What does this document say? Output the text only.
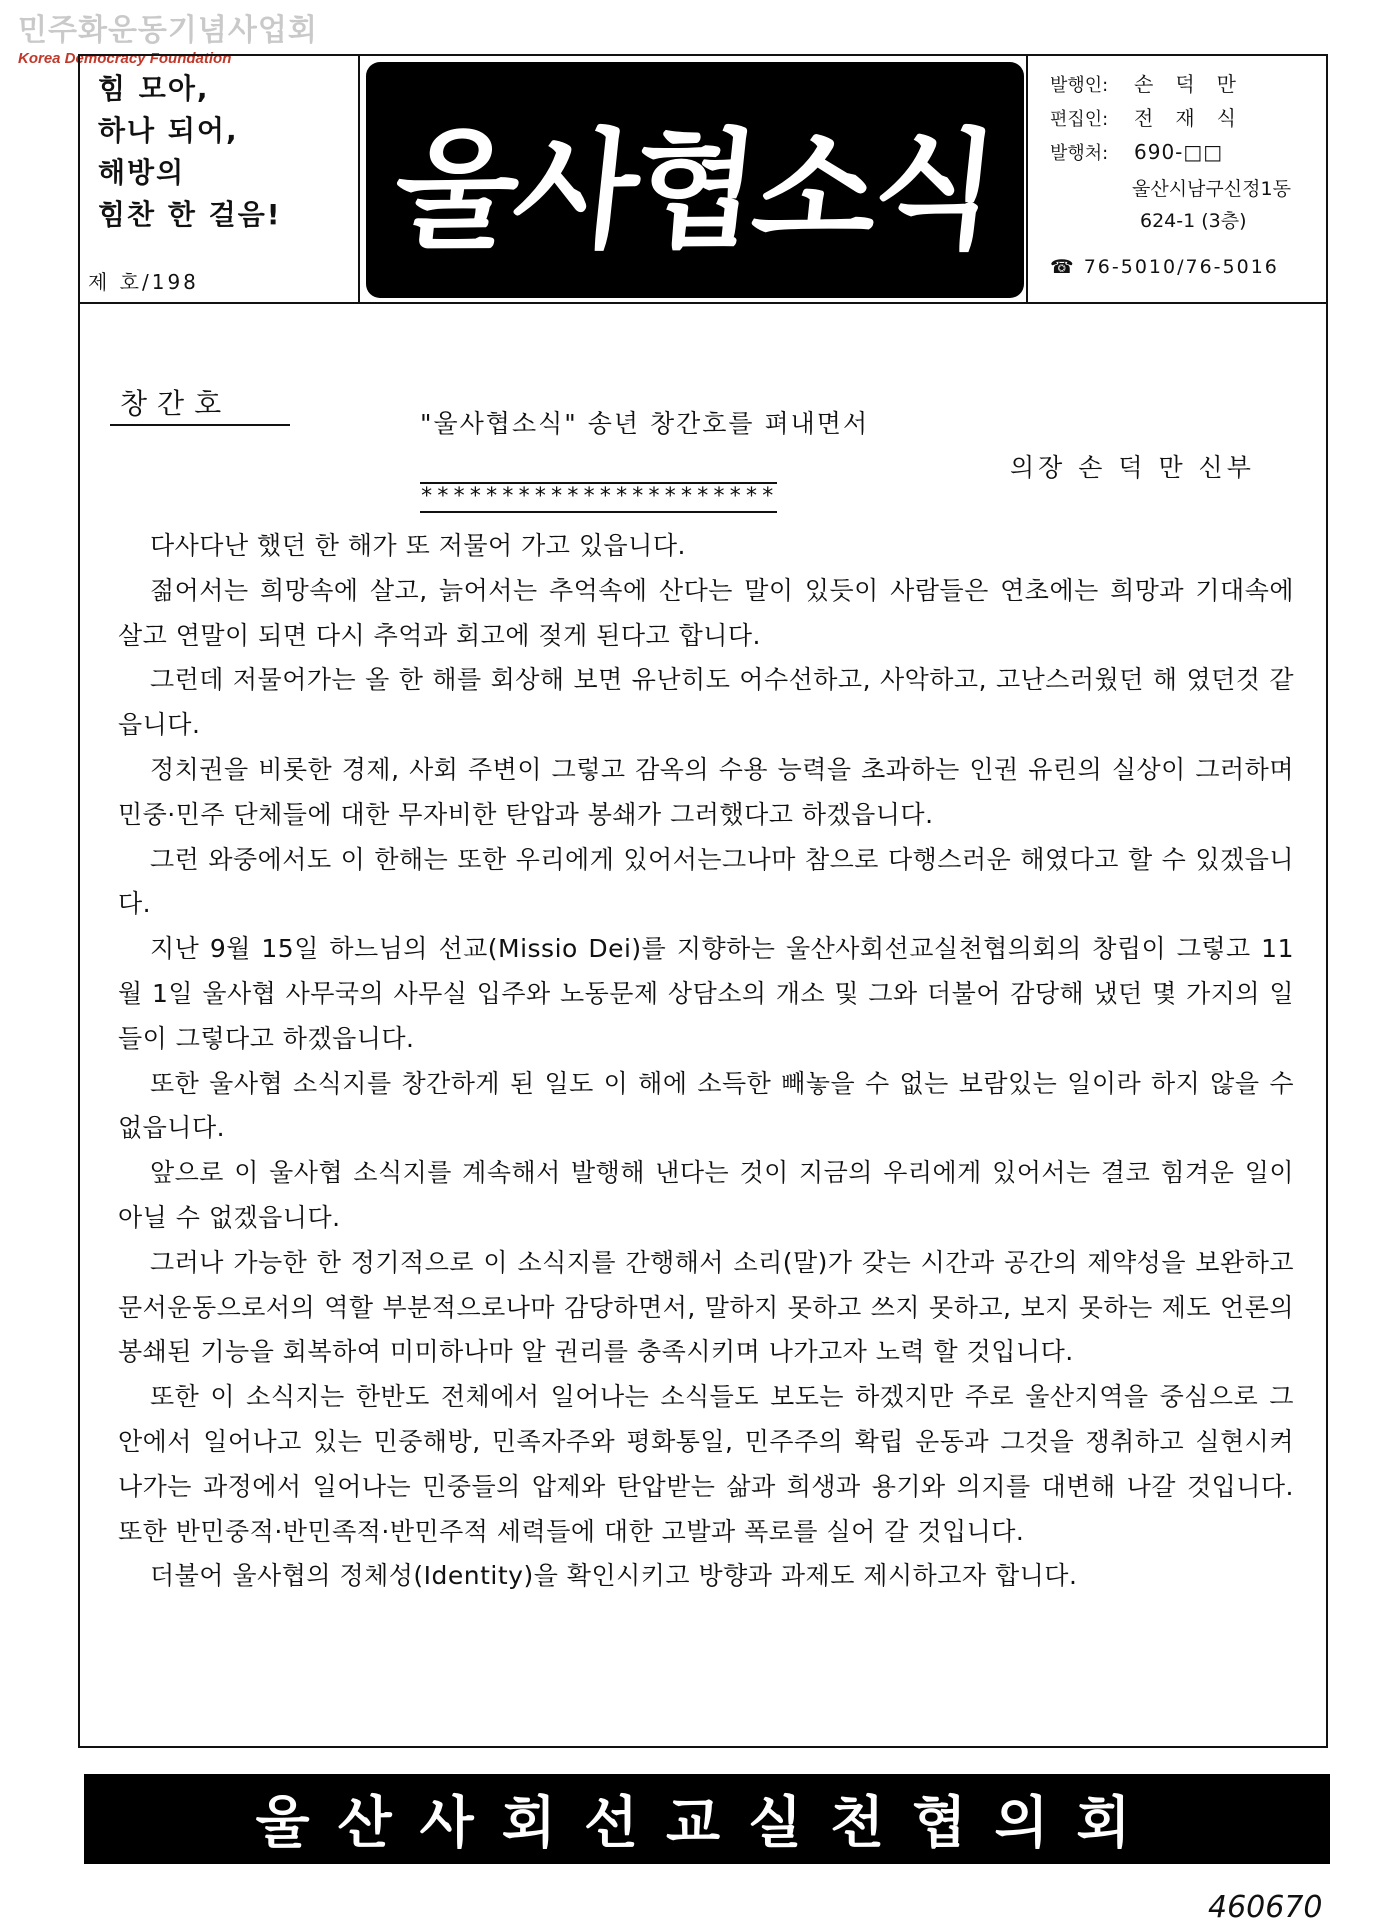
민주화운동기념사업회
Korea Democracy Foundation
힘 모아,
하나 되어,
해방의
힘찬 한 걸음!
제 호/198
울사협소식
발행인: 손덕만
편집인: 전재식
발행처: 690-□□
울산시남구신정1동
624-1 (3층)
☎ 76-5010/76-5016
창간호
"울사협소식" 송년 창간호를 펴내면서
의장 손 덕 만 신부
**********************

다사다난 했던 한 해가 또 저물어 가고 있읍니다.

젊어서는 희망속에 살고, 늙어서는 추억속에 산다는 말이 있듯이 사람들은 연초에는 희망과 기대속에 살고 연말이 되면 다시 추억과 회고에 젖게 된다고 합니다.

그런데 저물어가는 올 한 해를 회상해 보면 유난히도 어수선하고, 사악하고, 고난스러웠던 해 였던것 같읍니다.

정치권을 비롯한 경제, 사회 주변이 그렇고 감옥의 수용 능력을 초과하는 인권 유린의 실상이 그러하며 민중·민주 단체들에 대한 무자비한 탄압과 봉쇄가 그러했다고 하겠읍니다.

그런 와중에서도 이 한해는 또한 우리에게 있어서는그나마 참으로 다행스러운 해였다고 할 수 있겠읍니다.

지난 9월 15일 하느님의 선교(Missio Dei)를 지향하는 울산사회선교실천협의회의 창립이 그렇고 11월 1일 울사협 사무국의 사무실 입주와 노동문제 상담소의 개소 및 그와 더불어 감당해 냈던 몇 가지의 일들이 그렇다고 하겠읍니다.

또한 울사협 소식지를 창간하게 된 일도 이 해에 소득한 빼놓을 수 없는 보람있는 일이라 하지 않을 수 없읍니다.

앞으로 이 울사협 소식지를 계속해서 발행해 낸다는 것이 지금의 우리에게 있어서는 결코 힘겨운 일이 아닐 수 없겠읍니다.

그러나 가능한 한 정기적으로 이 소식지를 간행해서 소리(말)가 갖는 시간과 공간의 제약성을 보완하고 문서운동으로서의 역할 부분적으로나마 감당하면서, 말하지 못하고 쓰지 못하고, 보지 못하는 제도 언론의 봉쇄된 기능을 회복하여 미미하나마 알 권리를 충족시키며 나가고자 노력 할 것입니다.

또한 이 소식지는 한반도 전체에서 일어나는 소식들도 보도는 하겠지만 주로 울산지역을 중심으로 그 안에서 일어나고 있는 민중해방, 민족자주와 평화통일, 민주주의 확립 운동과 그것을 쟁취하고 실현시켜 나가는 과정에서 일어나는 민중들의 압제와 탄압받는 삶과 희생과 용기와 의지를 대변해 나갈 것입니다. 또한 반민중적·반민족적·반민주적 세력들에 대한 고발과 폭로를 실어 갈 것입니다.

더불어 울사협의 정체성(Identity)을 확인시키고 방향과 과제도 제시하고자 합니다.

울산사회선교실천협의회
460670
